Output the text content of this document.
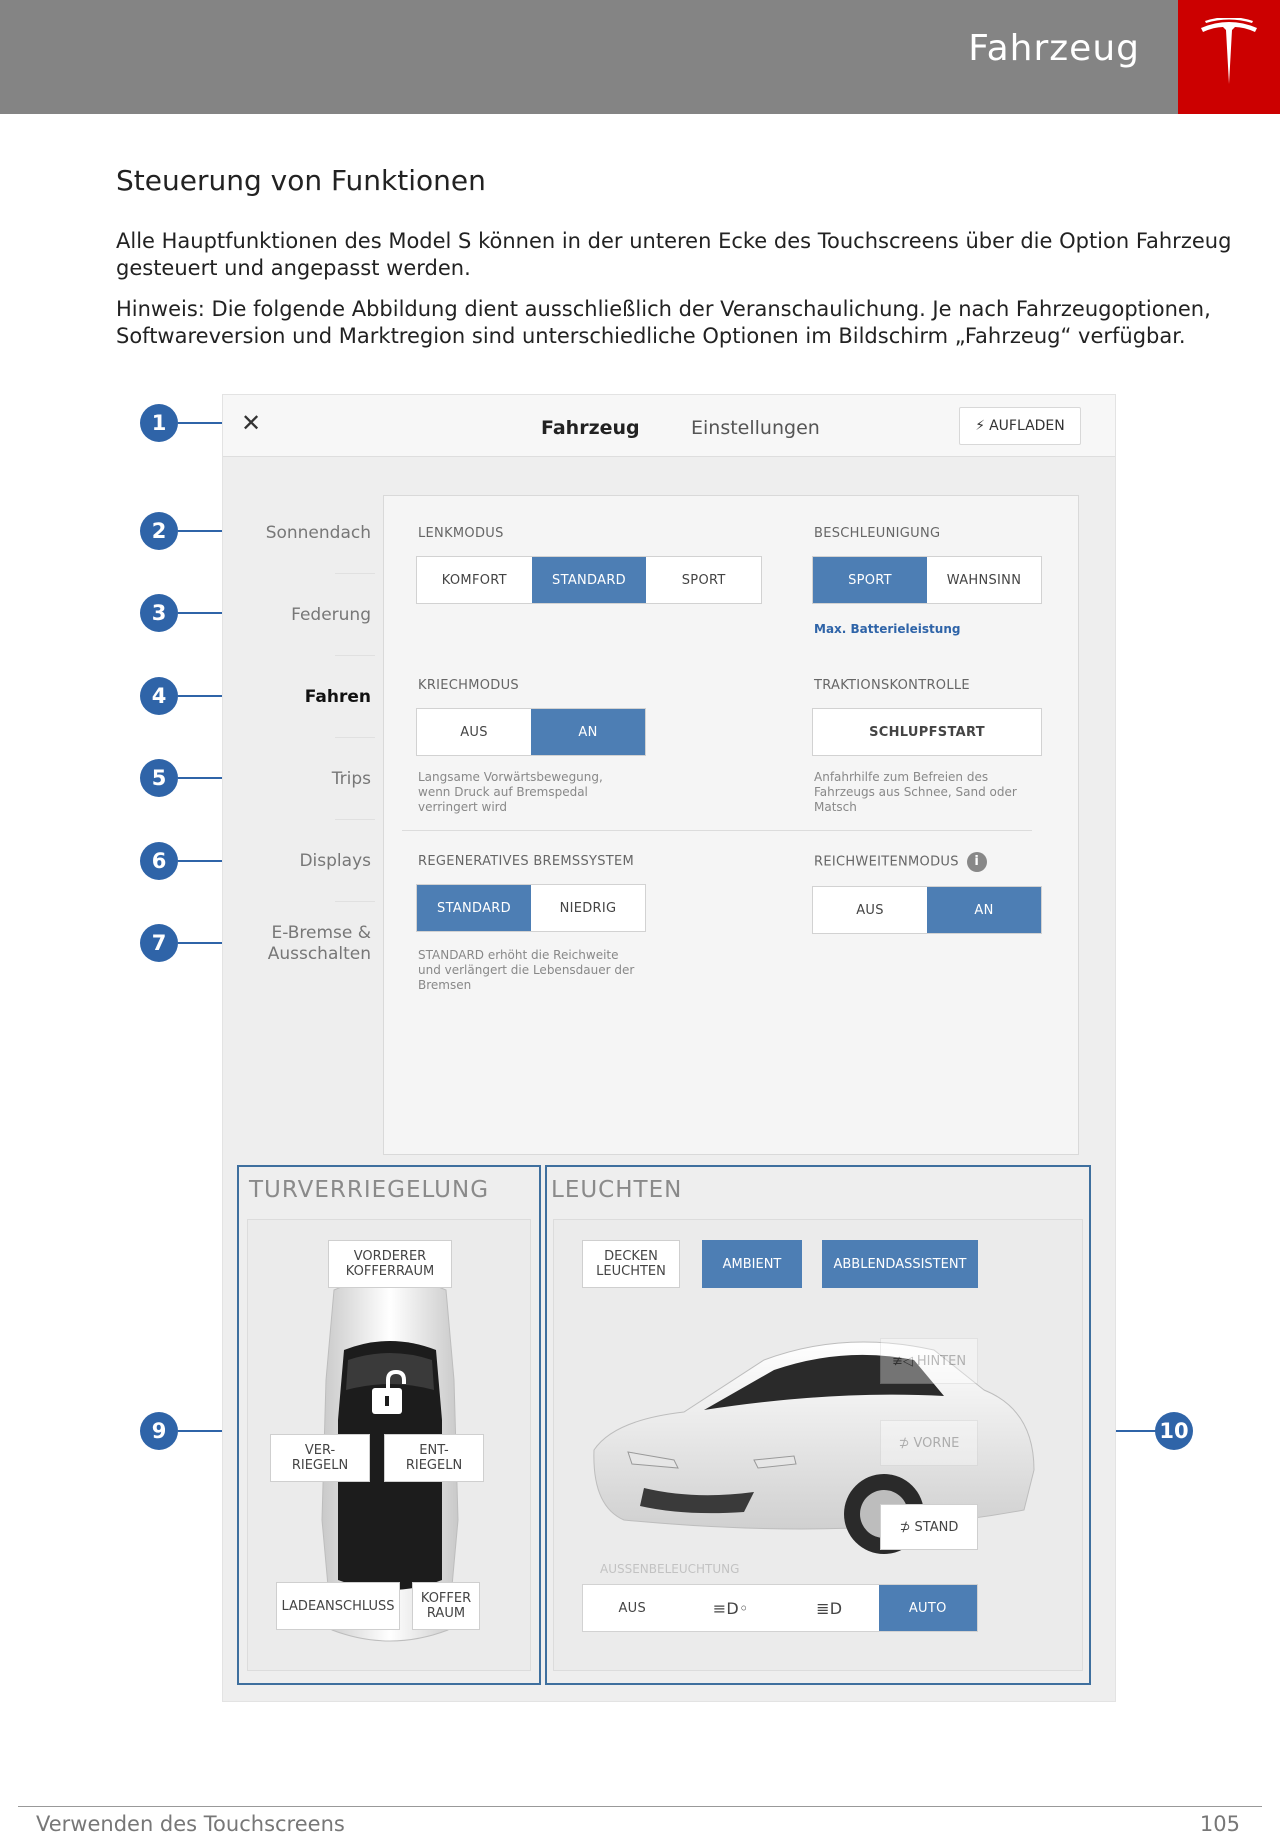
Fahrzeug
Steuerung von Funktionen

Alle Hauptfunktionen des Model S können in der unteren Ecke des Touchscreens über die Option Fahrzeug gesteuert und angepasst werden.

Hinweis: Die folgende Abbildung dient ausschließlich der Veranschaulichung. Je nach Fahrzeugoptionen, Softwareversion und Marktregion sind unterschiedliche Optionen im Bildschirm „Fahrzeug“ verfügbar.

1
2
3
4
5
6
7
9	10
✕	Fahrzeug	Einstellungen	⚡ AUFLADEN
Sonnendach
Federung
Fahren
Trips
Displays
E-Bremse &
Ausschalten
LENKMODUS
KOMFORT	STANDARD	SPORT
BESCHLEUNIGUNG
SPORT	WAHNSINN
Max. Batterieleistung
KRIECHMODUS
AUS	AN
Langsame Vorwärtsbewegung,
wenn Druck auf Bremspedal
verringert wird
TRAKTIONSKONTROLLE
SCHLUPFSTART
Anfahrhilfe zum Befreien des
Fahrzeugs aus Schnee, Sand oder
Matsch
REGENERATIVES BREMSSYSTEM
STANDARD	NIEDRIG
STANDARD erhöht die Reichweite
und verlängert die Lebensdauer der
Bremsen
REICHWEITENMODUS i
AUS	AN
TURVERRIEGELUNG
VORDERER
KOFFERRAUM
VER-
RIEGELN
ENT-
RIEGELN
LADEANSCHLUSS	KOFFER
RAUM
LEUCHTEN
DECKEN
LEUCHTEN	AMBIENT	ABBLENDASSISTENT
≢◁ HINTEN
⊅ VORNE
⊅ STAND
AUSSENBELEUCHTUNG
AUS	≡D◦	≣D	AUTO
Verwenden des Touchscreens	105
